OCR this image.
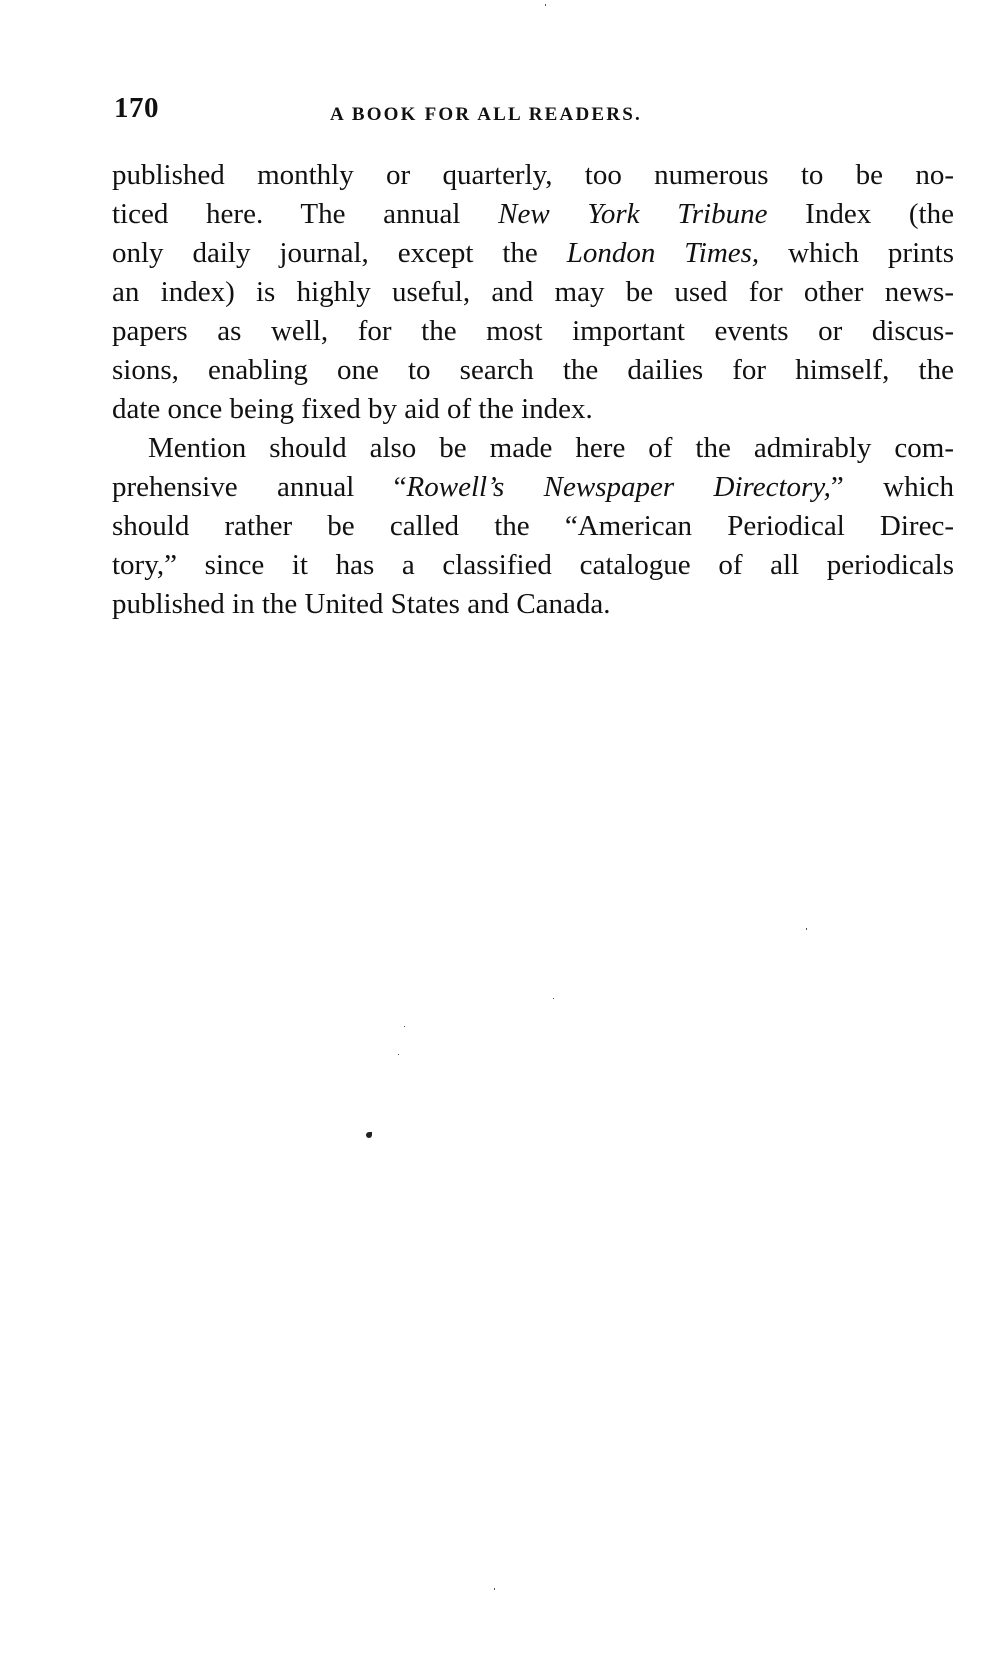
170	A BOOK FOR ALL READERS.
published monthly or quarterly, too numerous to be no-
ticed here. The annual New York Tribune Index (the
only daily journal, except the London Times, which prints
an index) is highly useful, and may be used for other news-
papers as well, for the most important events or discus-
sions, enabling one to search the dailies for himself, the
date once being fixed by aid of the index.
Mention should also be made here of the admirably com-
prehensive annual “Rowell’s Newspaper Directory,” which
should rather be called the “American Periodical Direc-
tory,” since it has a classified catalogue of all periodicals
published in the United States and Canada.
